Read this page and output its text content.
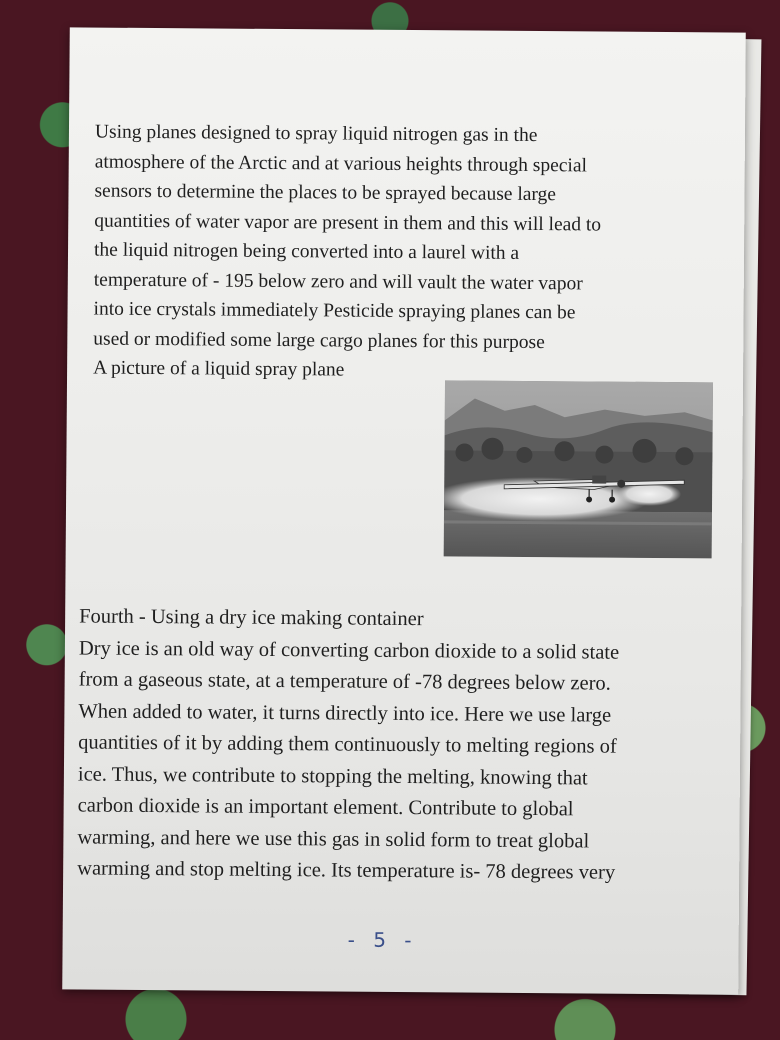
Using planes designed to spray liquid nitrogen gas in the
atmosphere of the Arctic and at various heights through special
sensors to determine the places to be sprayed because large
quantities of water vapor are present in them and this will lead to
the liquid nitrogen being converted into a laurel with a
temperature of - 195 below zero and will vault the water vapor
into ice crystals immediately Pesticide spraying planes can be
used or modified some large cargo planes for this purpose
A picture of a liquid spray plane

Fourth - Using a dry ice making container
Dry ice is an old way of converting carbon dioxide to a solid state
from a gaseous state, at a temperature of -78 degrees below zero.
When added to water, it turns directly into ice. Here we use large
quantities of it by adding them continuously to melting regions of
ice. Thus, we contribute to stopping the melting, knowing that
carbon dioxide is an important element. Contribute to global
warming, and here we use this gas in solid form to treat global
warming and stop melting ice. Its temperature is- 78 degrees very

- 5 -
